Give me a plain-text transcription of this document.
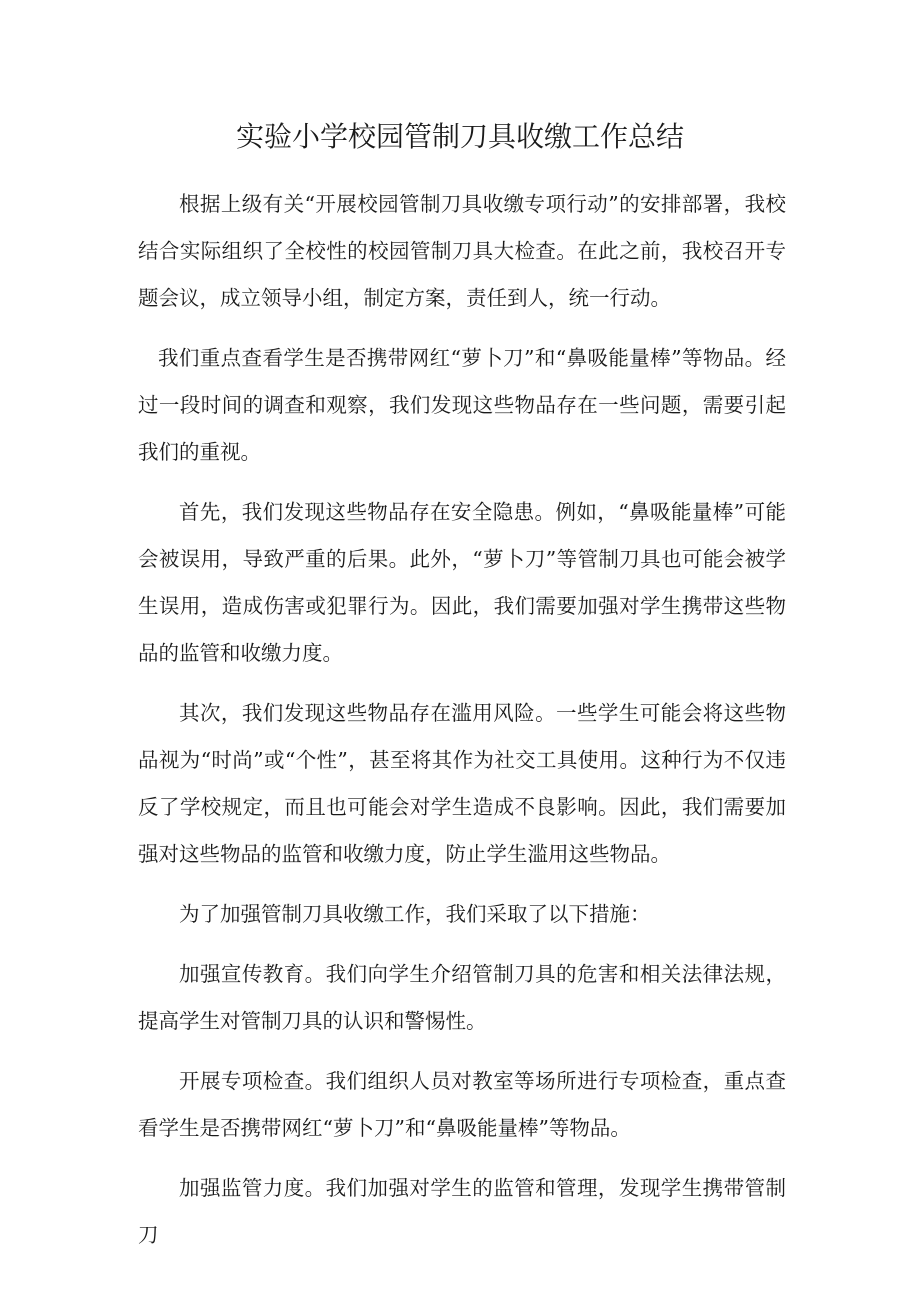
实验小学校园管制刀具收缴工作总结

根据上级有关“开展校园管制刀具收缴专项行动”的安排部署，我校结合实际组织了全校性的校园管制刀具大检查。在此之前，我校召开专题会议，成立领导小组，制定方案，责任到人，统一行动。

我们重点查看学生是否携带网红“萝卜刀”和“鼻吸能量棒”等物品。经过一段时间的调查和观察，我们发现这些物品存在一些问题，需要引起我们的重视。

首先，我们发现这些物品存在安全隐患。例如，“鼻吸能量棒”可能会被误用，导致严重的后果。此外，“萝卜刀”等管制刀具也可能会被学生误用，造成伤害或犯罪行为。因此，我们需要加强对学生携带这些物品的监管和收缴力度。

其次，我们发现这些物品存在滥用风险。一些学生可能会将这些物品视为“时尚”或“个性”，甚至将其作为社交工具使用。这种行为不仅违反了学校规定，而且也可能会对学生造成不良影响。因此，我们需要加强对这些物品的监管和收缴力度，防止学生滥用这些物品。

为了加强管制刀具收缴工作，我们采取了以下措施：

加强宣传教育。我们向学生介绍管制刀具的危害和相关法律法规，提高学生对管制刀具的认识和警惕性。

开展专项检查。我们组织人员对教室等场所进行专项检查，重点查看学生是否携带网红“萝卜刀”和“鼻吸能量棒”等物品。

加强监管力度。我们加强对学生的监管和管理，发现学生携带管制刀
